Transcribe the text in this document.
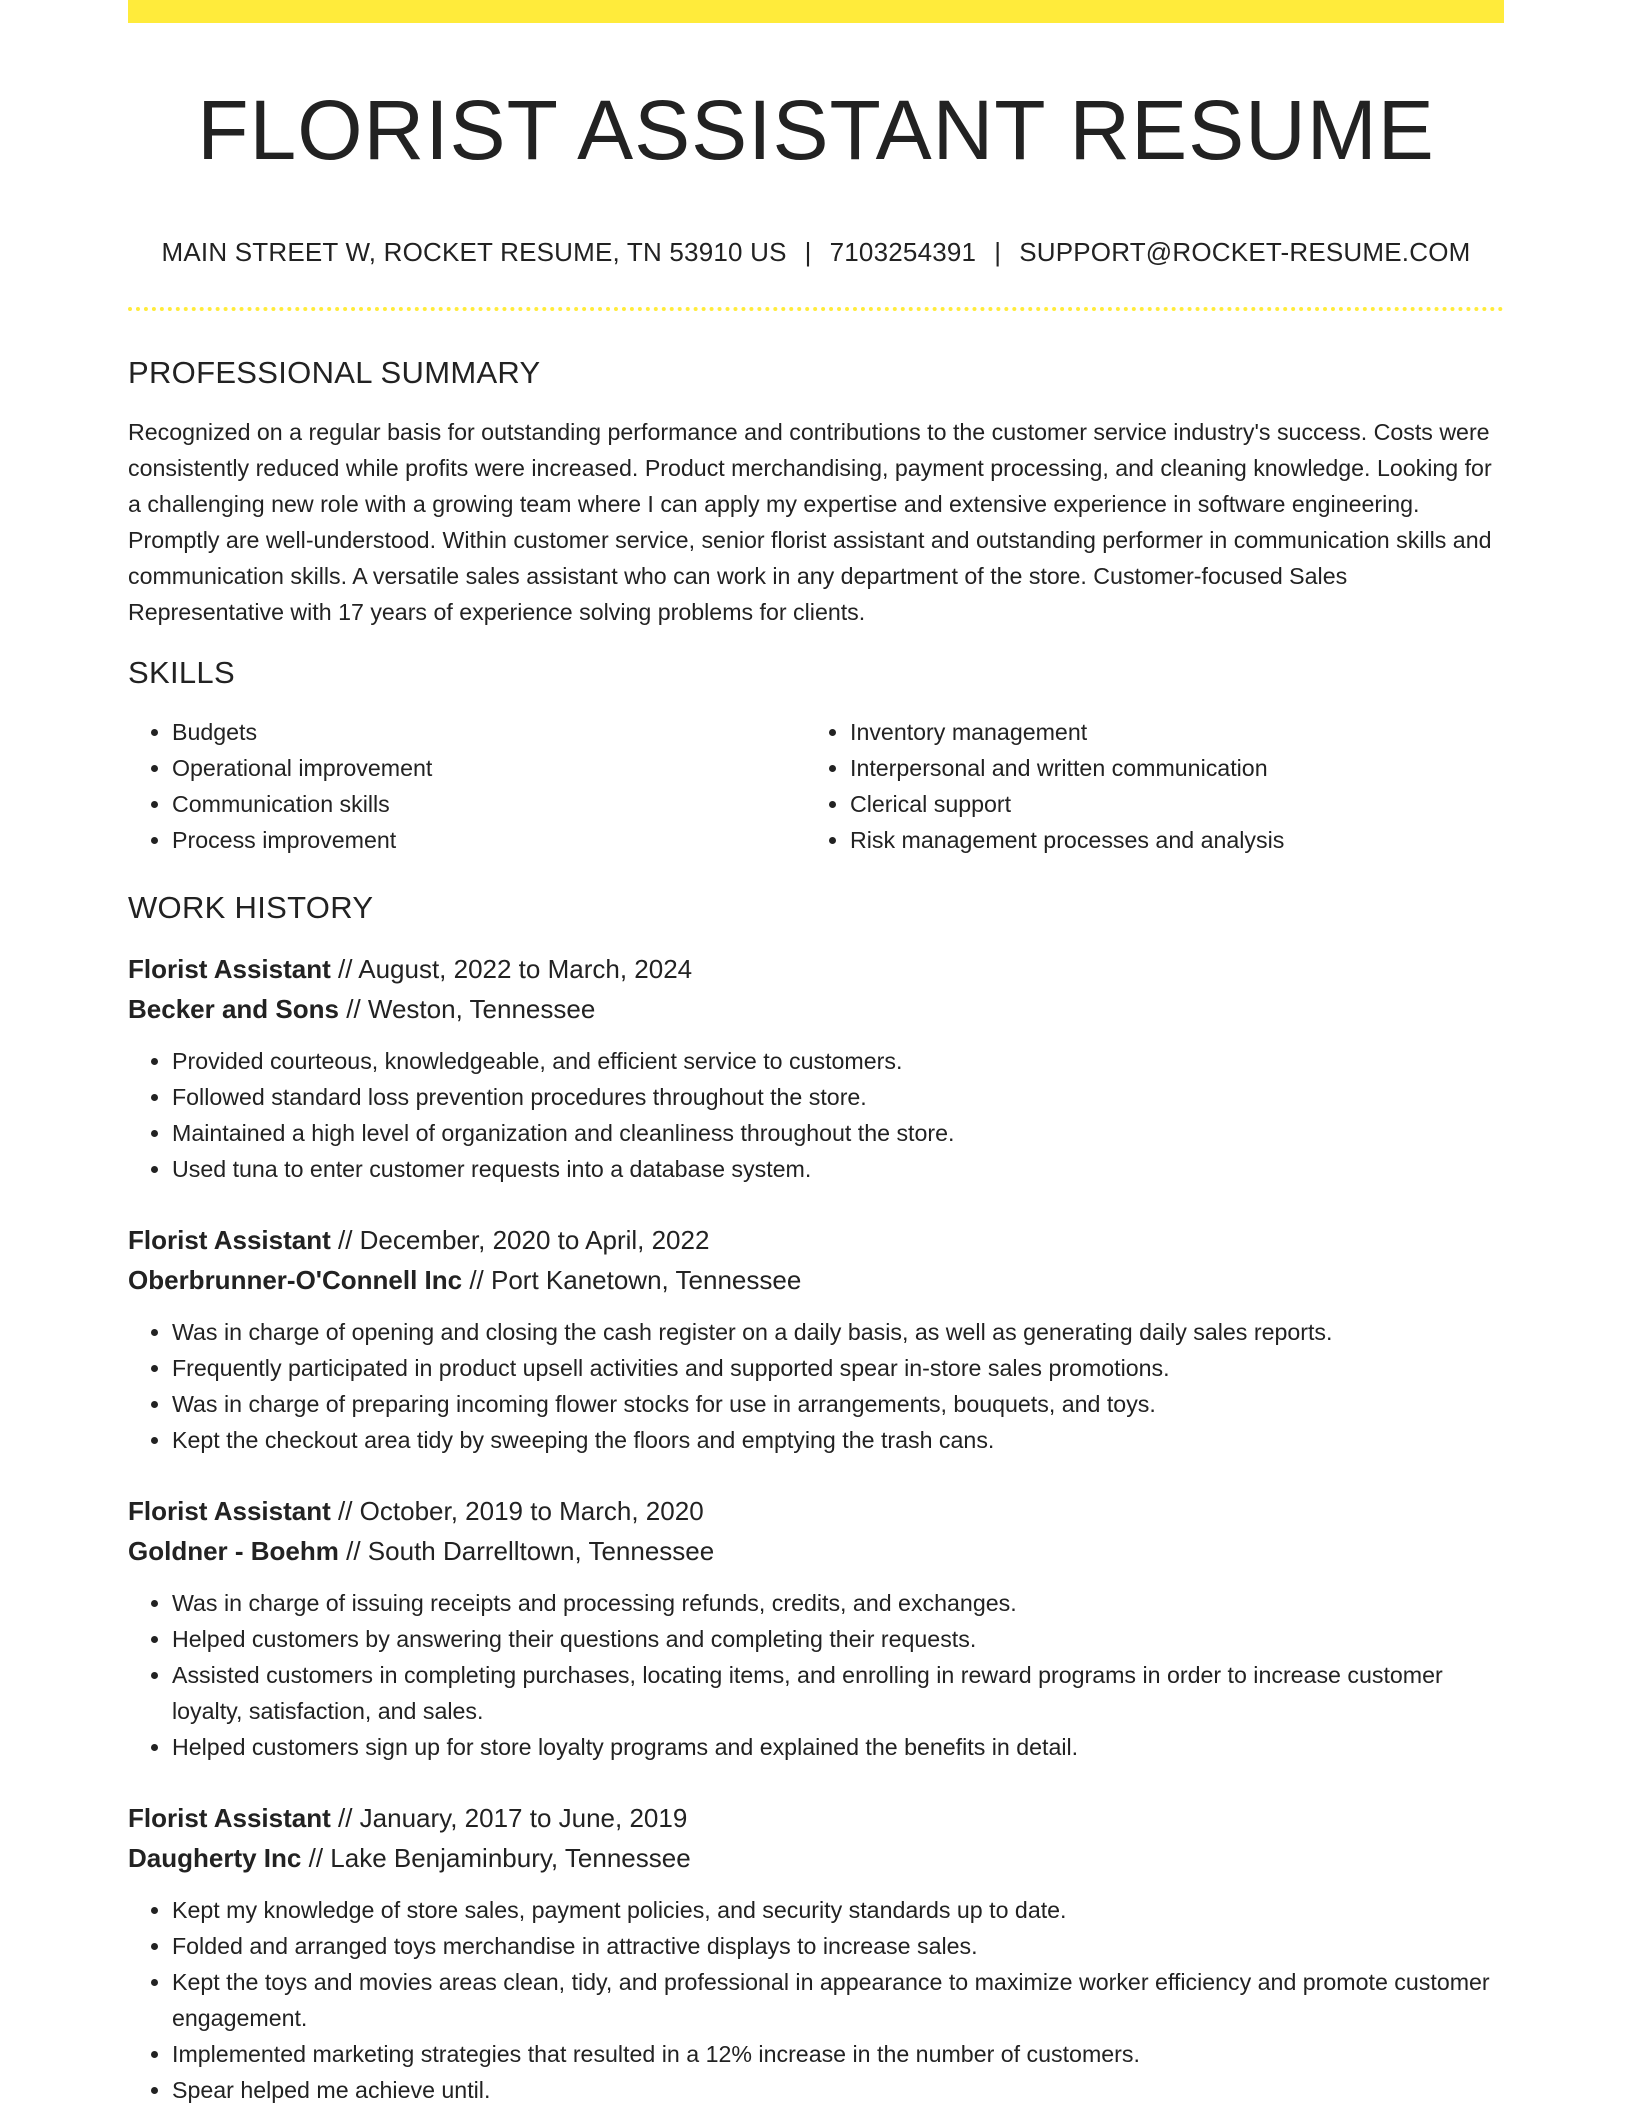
FLORIST ASSISTANT RESUME
MAIN STREET W, ROCKET RESUME, TN 53910 US | 7103254391 | SUPPORT@ROCKET-RESUME.COM
PROFESSIONAL SUMMARY

Recognized on a regular basis for outstanding performance and contributions to the customer service industry's success. Costs were consistently reduced while profits were increased. Product merchandising, payment processing, and cleaning knowledge. Looking for a challenging new role with a growing team where I can apply my expertise and extensive experience in software engineering. Promptly are well-understood. Within customer service, senior florist assistant and outstanding performer in communication skills and communication skills. A versatile sales assistant who can work in any department of the store. Customer-focused Sales Representative with 17 years of experience solving problems for clients.

SKILLS
• Budgets
• Operational improvement
• Communication skills
• Process improvement
• Inventory management
• Interpersonal and written communication
• Clerical support
• Risk management processes and analysis
WORK HISTORY
Florist Assistant // August, 2022 to March, 2024
Becker and Sons // Weston, Tennessee
• Provided courteous, knowledgeable, and efficient service to customers.
• Followed standard loss prevention procedures throughout the store.
• Maintained a high level of organization and cleanliness throughout the store.
• Used tuna to enter customer requests into a database system.
Florist Assistant // December, 2020 to April, 2022
Oberbrunner-O'Connell Inc // Port Kanetown, Tennessee
• Was in charge of opening and closing the cash register on a daily basis, as well as generating daily sales reports.
• Frequently participated in product upsell activities and supported spear in-store sales promotions.
• Was in charge of preparing incoming flower stocks for use in arrangements, bouquets, and toys.
• Kept the checkout area tidy by sweeping the floors and emptying the trash cans.
Florist Assistant // October, 2019 to March, 2020
Goldner - Boehm // South Darrelltown, Tennessee
• Was in charge of issuing receipts and processing refunds, credits, and exchanges.
• Helped customers by answering their questions and completing their requests.
• Assisted customers in completing purchases, locating items, and enrolling in reward programs in order to increase customer loyalty, satisfaction, and sales.
• Helped customers sign up for store loyalty programs and explained the benefits in detail.
Florist Assistant // January, 2017 to June, 2019
Daugherty Inc // Lake Benjaminbury, Tennessee
• Kept my knowledge of store sales, payment policies, and security standards up to date.
• Folded and arranged toys merchandise in attractive displays to increase sales.
• Kept the toys and movies areas clean, tidy, and professional in appearance to maximize worker efficiency and promote customer engagement.
• Implemented marketing strategies that resulted in a 12% increase in the number of customers.
• Spear helped me achieve until.
